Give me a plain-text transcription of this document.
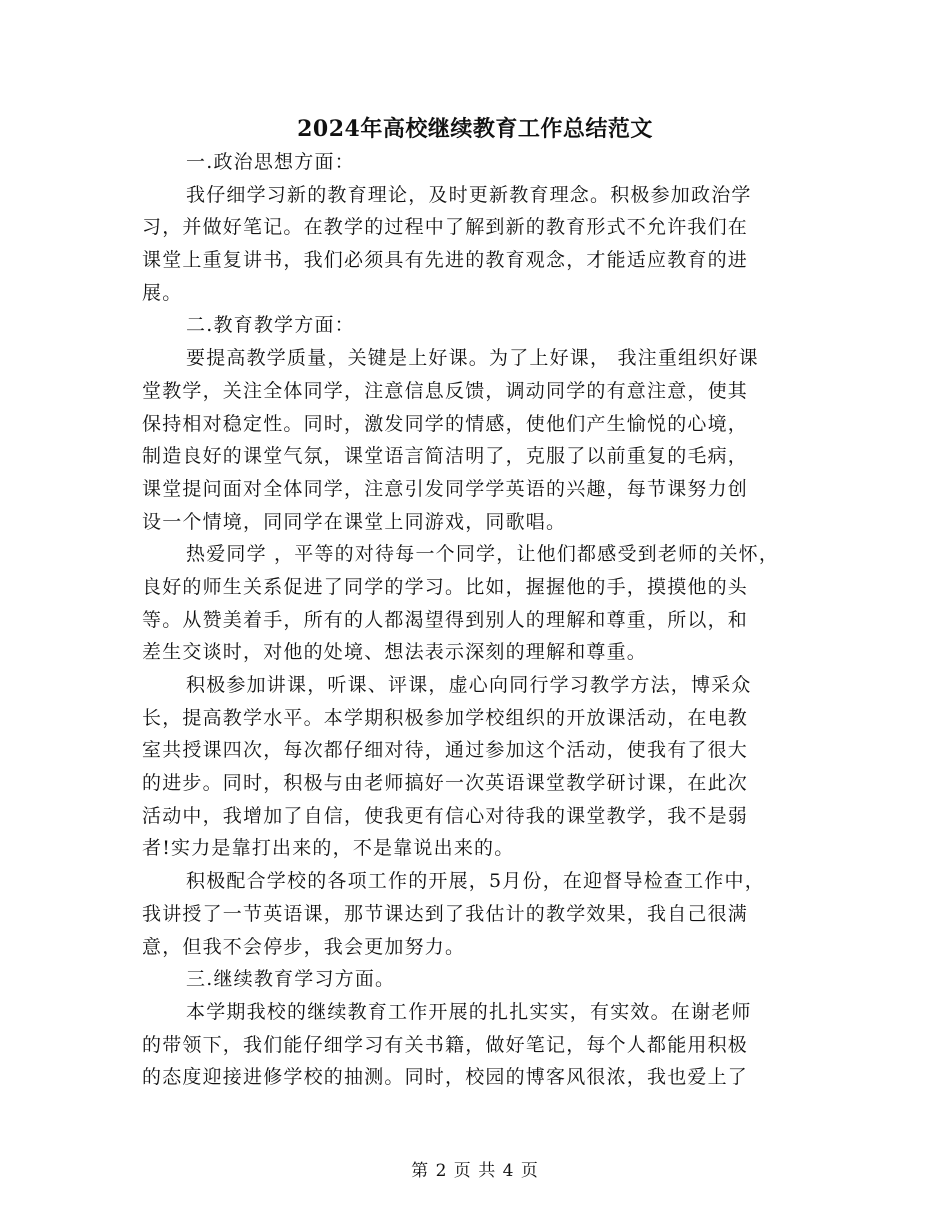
2024年高校继续教育工作总结范文
一.政治思想方面：
我仔细学习新的教育理论，及时更新教育理念。积极参加政治学
习，并做好笔记。在教学的过程中了解到新的教育形式不允许我们在
课堂上重复讲书，我们必须具有先进的教育观念，才能适应教育的进
展。
二.教育教学方面：
要提高教学质量，关键是上好课。为了上好课， 我注重组织好课
堂教学，关注全体同学，注意信息反馈，调动同学的有意注意，使其
保持相对稳定性。同时，激发同学的情感，使他们产生愉悦的心境，
制造良好的课堂气氛，课堂语言简洁明了，克服了以前重复的毛病，
课堂提问面对全体同学，注意引发同学学英语的兴趣，每节课努力创
设一个情境，同同学在课堂上同游戏，同歌唱。
热爱同学 ，平等的对待每一个同学，让他们都感受到老师的关怀，
良好的师生关系促进了同学的学习。比如，握握他的手，摸摸他的头
等。从赞美着手，所有的人都渴望得到别人的理解和尊重，所以，和
差生交谈时，对他的处境、想法表示深刻的理解和尊重。
积极参加讲课，听课、评课，虚心向同行学习教学方法，博采众
长，提高教学水平。本学期积极参加学校组织的开放课活动，在电教
室共授课四次，每次都仔细对待，通过参加这个活动，使我有了很大
的进步。同时，积极与由老师搞好一次英语课堂教学研讨课，在此次
活动中，我增加了自信，使我更有信心对待我的课堂教学，我不是弱
者!实力是靠打出来的，不是靠说出来的。
积极配合学校的各项工作的开展，5月份，在迎督导检查工作中，
我讲授了一节英语课，那节课达到了我估计的教学效果，我自己很满
意，但我不会停步，我会更加努力。
三.继续教育学习方面。
本学期我校的继续教育工作开展的扎扎实实，有实效。在谢老师
的带领下，我们能仔细学习有关书籍，做好笔记，每个人都能用积极
的态度迎接进修学校的抽测。同时，校园的博客风很浓，我也爱上了
第 2 页 共 4 页
